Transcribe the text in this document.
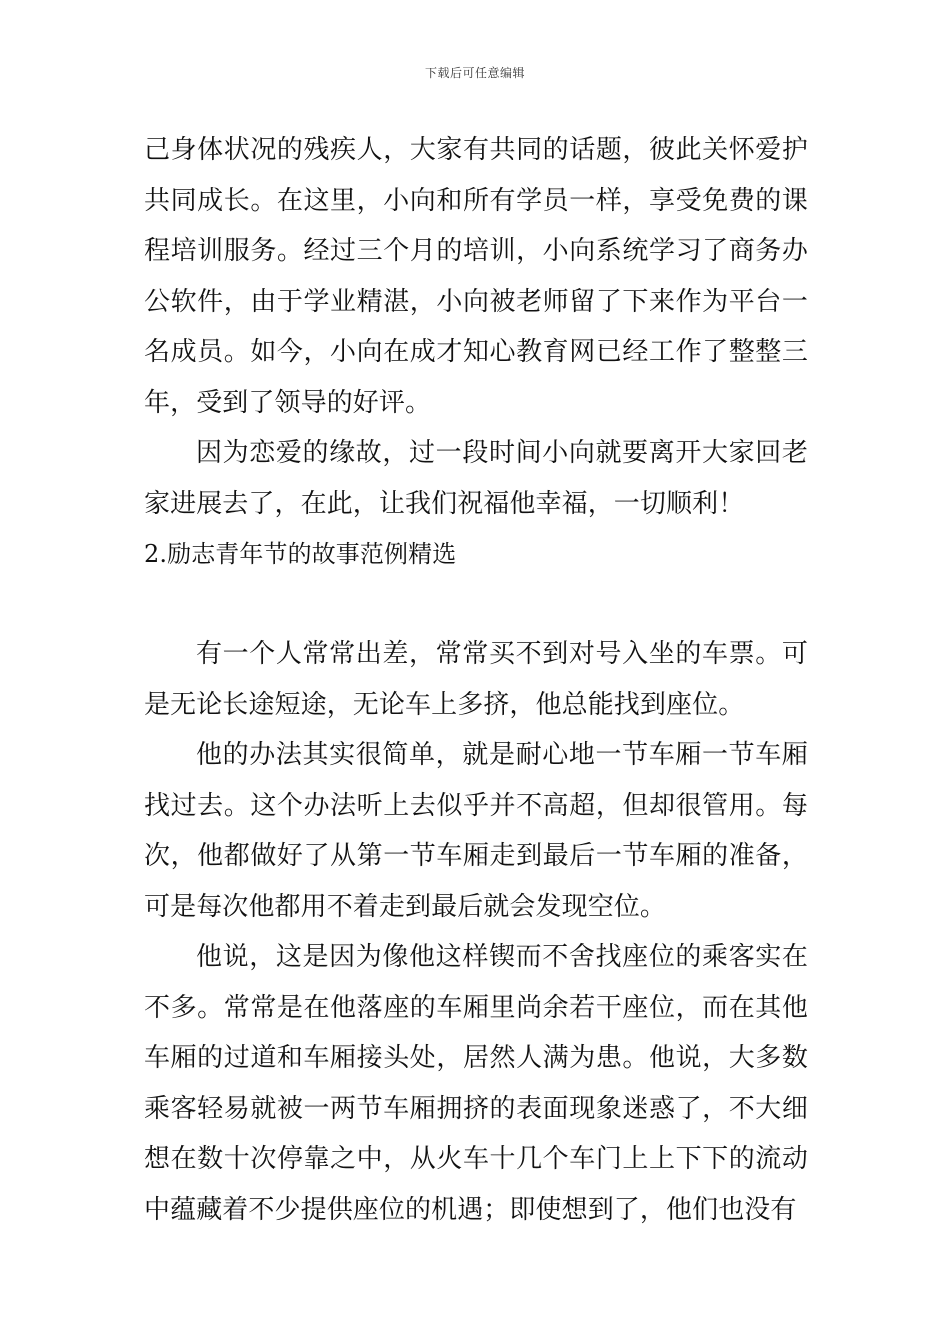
下载后可任意编辑

己身体状况的残疾人，大家有共同的话题，彼此关怀爱护共同成长。在这里，小向和所有学员一样，享受免费的课程培训服务。经过三个月的培训，小向系统学习了商务办公软件，由于学业精湛，小向被老师留了下来作为平台一名成员。如今，小向在成才知心教育网已经工作了整整三年，受到了领导的好评。

因为恋爱的缘故，过一段时间小向就要离开大家回老家进展去了，在此，让我们祝福他幸福，一切顺利！

2.励志青年节的故事范例精选

有一个人常常出差，常常买不到对号入坐的车票。可是无论长途短途，无论车上多挤，他总能找到座位。

他的办法其实很简单，就是耐心地一节车厢一节车厢找过去。这个办法听上去似乎并不高超，但却很管用。每次，他都做好了从第一节车厢走到最后一节车厢的准备，可是每次他都用不着走到最后就会发现空位。

他说，这是因为像他这样锲而不舍找座位的乘客实在不多。常常是在他落座的车厢里尚余若干座位，而在其他车厢的过道和车厢接头处，居然人满为患。他说，大多数乘客轻易就被一两节车厢拥挤的表面现象迷惑了，不大细想在数十次停靠之中，从火车十几个车门上上下下的流动中蕴藏着不少提供座位的机遇；即使想到了，他们也没有
